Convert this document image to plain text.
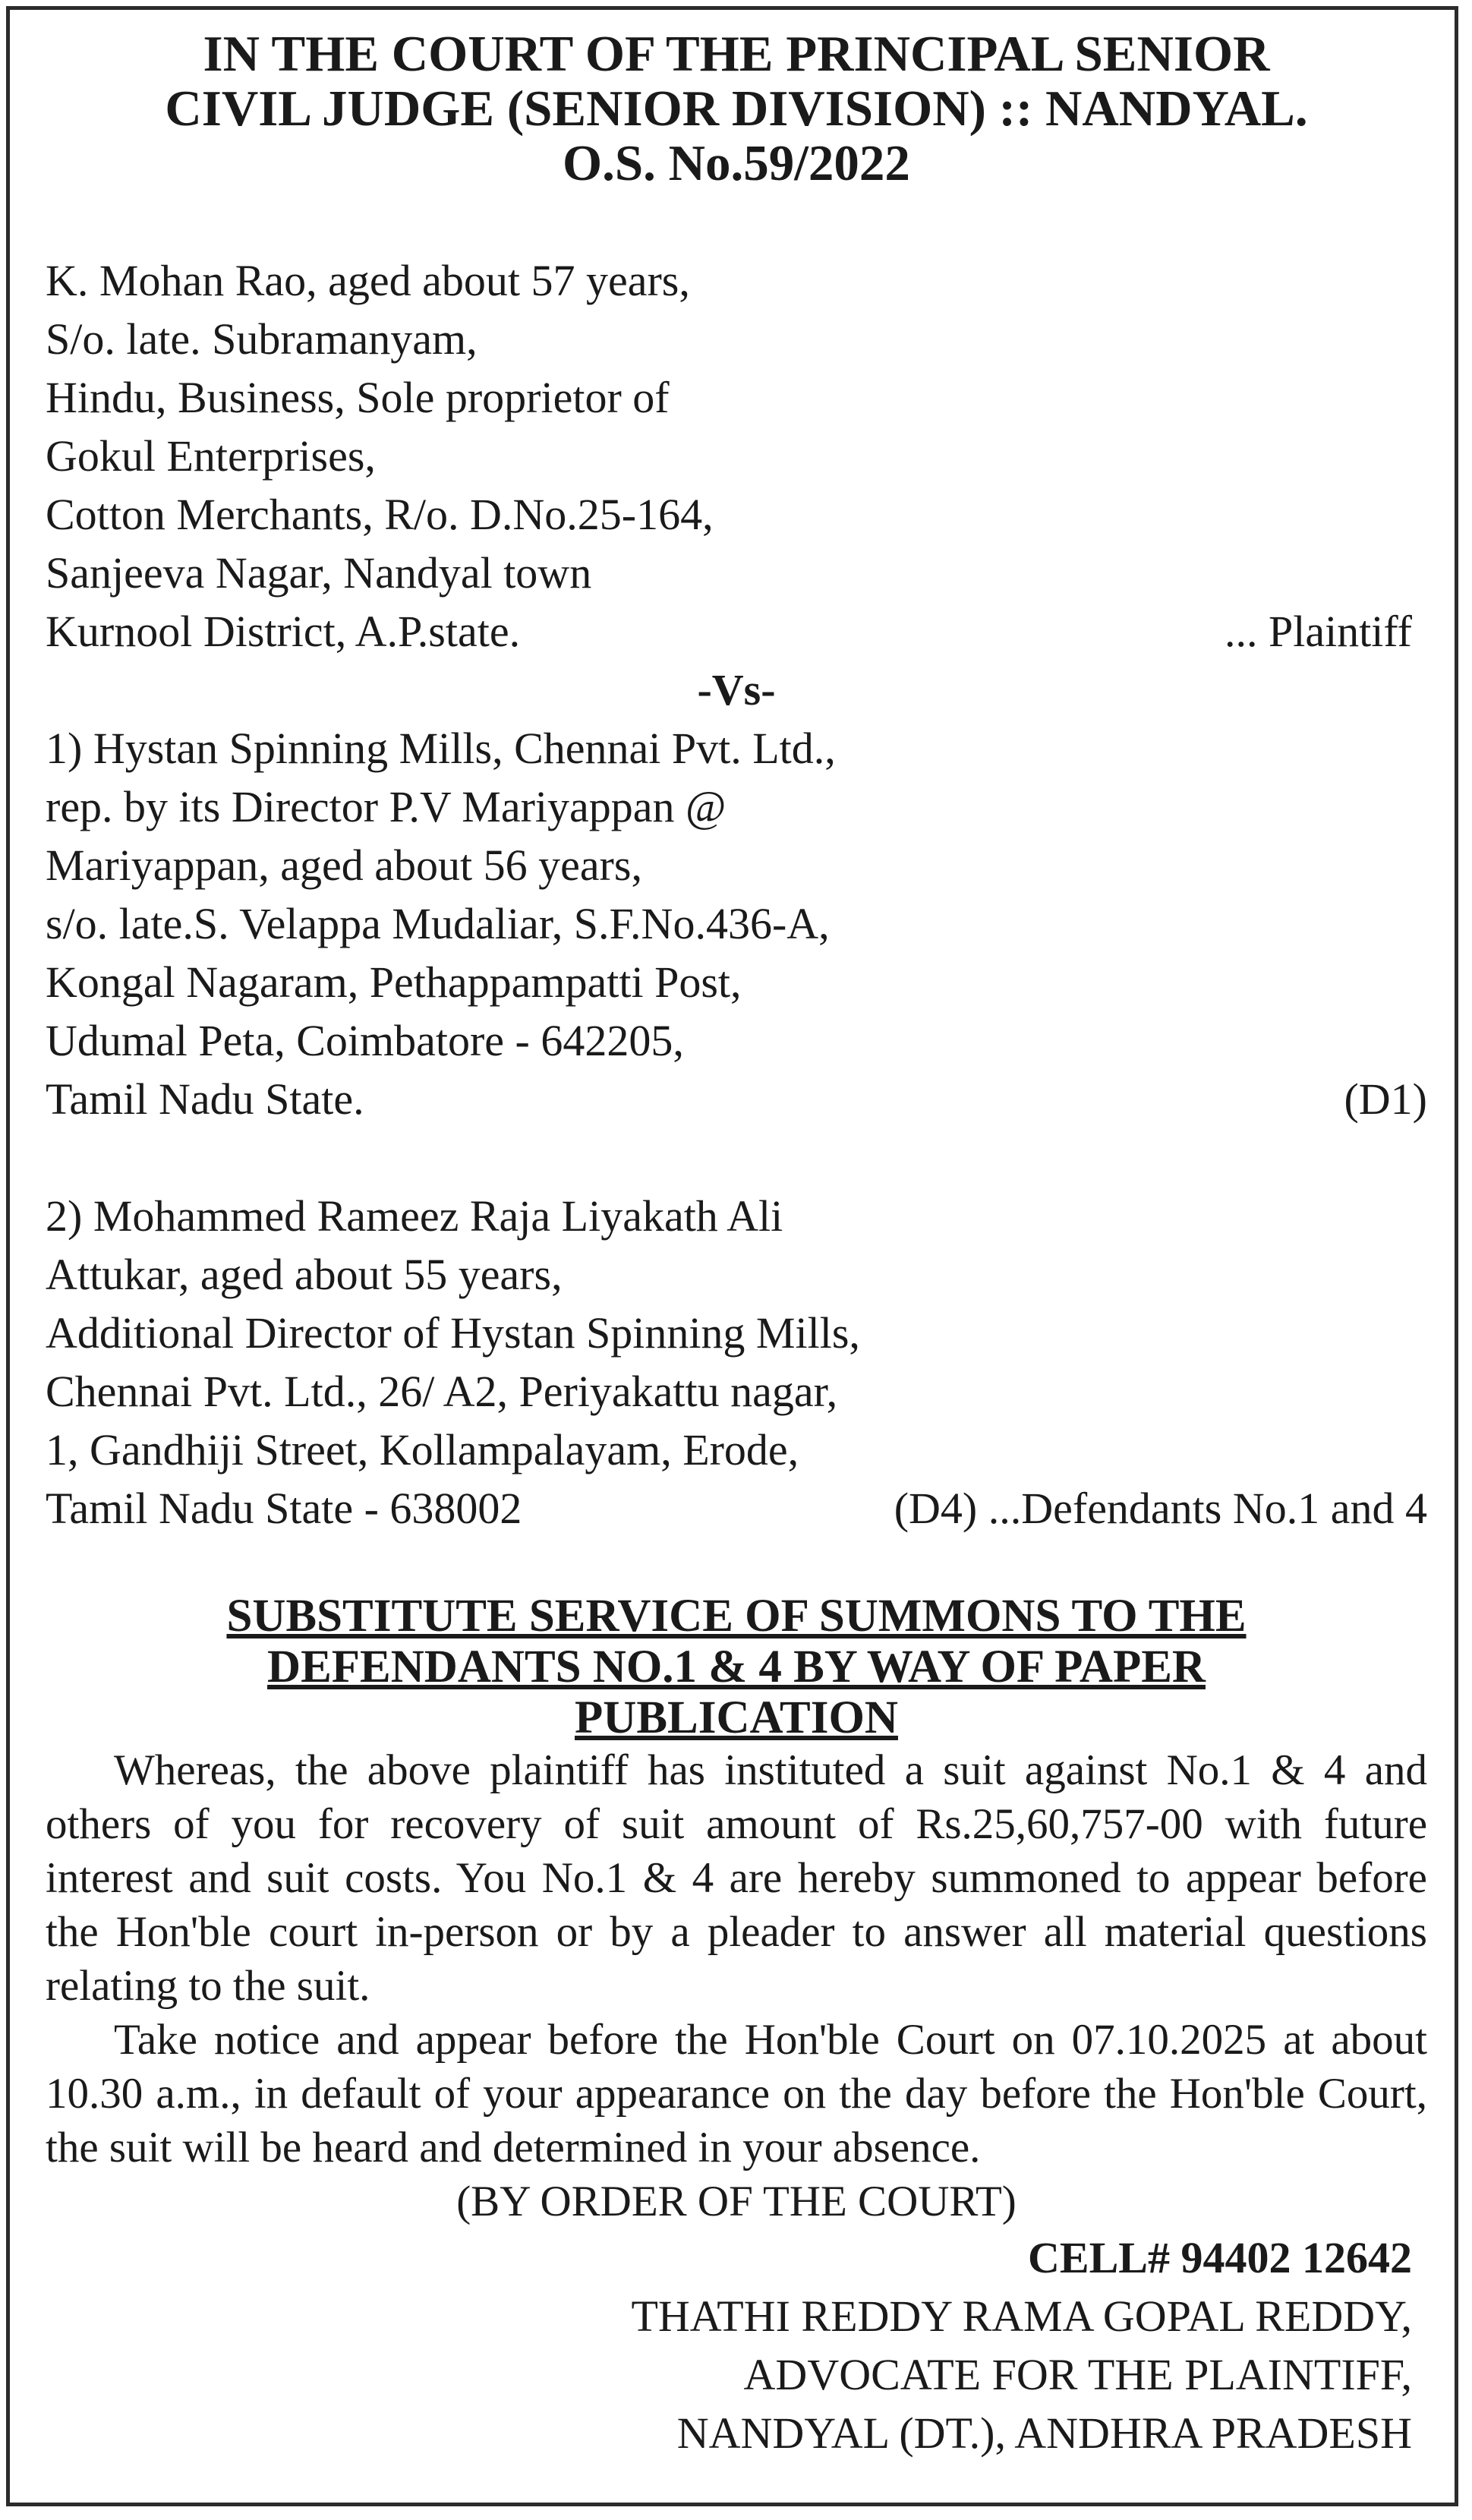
IN THE COURT OF THE PRINCIPAL SENIOR
CIVIL JUDGE (SENIOR DIVISION) :: NANDYAL.
O.S. No.59/2022
K. Mohan Rao, aged about 57 years,
S/o. late. Subramanyam,
Hindu, Business, Sole proprietor of
Gokul Enterprises,
Cotton Merchants, R/o. D.No.25-164,
Sanjeeva Nagar, Nandyal town
Kurnool District, A.P.state.	... Plaintiff
-Vs-
1) Hystan Spinning Mills, Chennai Pvt. Ltd.,
rep. by its Director P.V Mariyappan @
Mariyappan, aged about 56 years,
s/o. late.S. Velappa Mudaliar, S.F.No.436-A,
Kongal Nagaram, Pethappampatti Post,
Udumal Peta, Coimbatore - 642205,
Tamil Nadu State.	(D1)
2) Mohammed Rameez Raja Liyakath Ali
Attukar, aged about 55 years,
Additional Director of Hystan Spinning Mills,
Chennai Pvt. Ltd., 26/ A2, Periyakattu nagar,
1, Gandhiji Street, Kollampalayam, Erode,
Tamil Nadu State - 638002	(D4) ...Defendants No.1 and 4
SUBSTITUTE SERVICE OF SUMMONS TO THE
DEFENDANTS NO.1 & 4 BY WAY OF PAPER
PUBLICATION

Whereas, the above plaintiff has instituted a suit against No.1 & 4 and others of you for recovery of suit amount of Rs.25,60,757-00 with future interest and suit costs. You No.1 & 4 are hereby summoned to appear before the Hon'ble court in-person or by a pleader to answer all material questions relating to the suit.

Take notice and appear before the Hon'ble Court on 07.10.2025 at about 10.30 a.m., in default of your appearance on the day before the Hon'ble Court, the suit will be heard and determined in your absence.

(BY ORDER OF THE COURT)
CELL# 94402 12642
THATHI REDDY RAMA GOPAL REDDY,
ADVOCATE FOR THE PLAINTIFF,
NANDYAL (DT.), ANDHRA PRADESH
